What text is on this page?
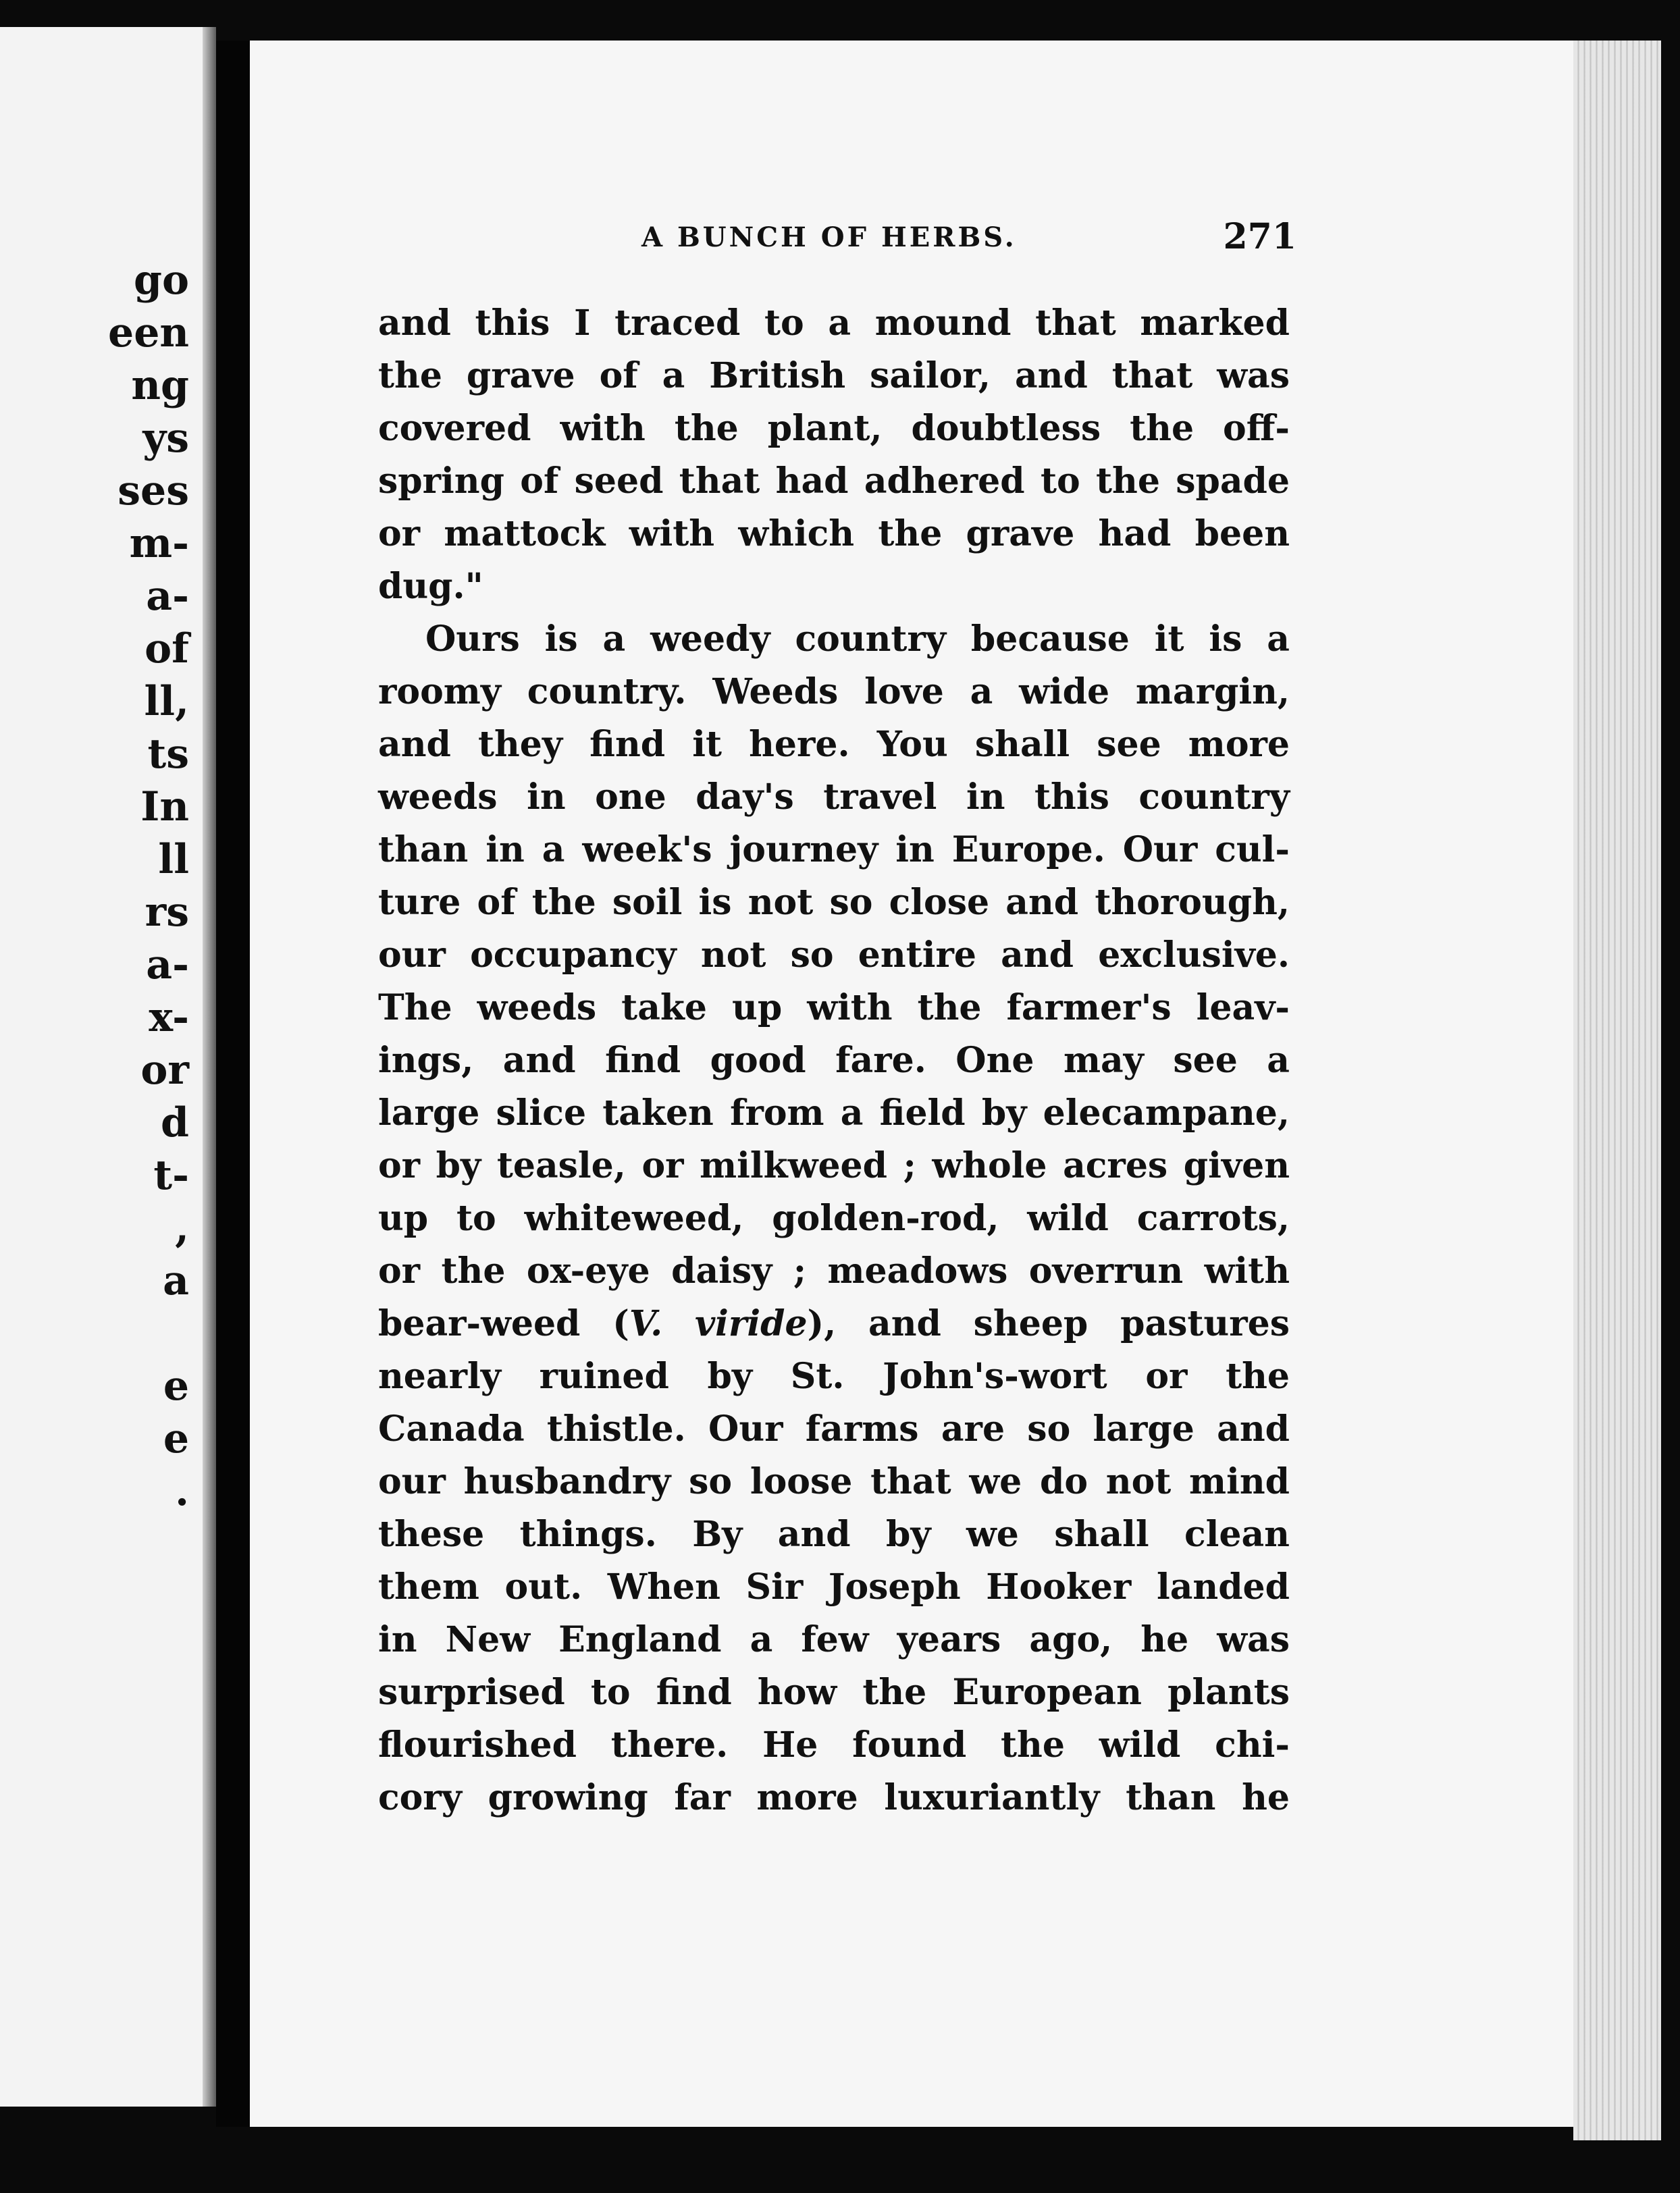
go
een
ng
ys
ses
m-
a-
of
ll,
ts
In
ll
rs
a-
x-
or
d
t-
,
a
e
e
.
A BUNCH OF HERBS.	271
and this I traced to a mound that marked
the grave of a British sailor, and that was
covered with the plant, doubtless the off-
spring of seed that had adhered to the spade
or mattock with which the grave had been
dug."
Ours is a weedy country because it is a
roomy country. Weeds love a wide margin,
and they find it here. You shall see more
weeds in one day's travel in this country
than in a week's journey in Europe. Our cul-
ture of the soil is not so close and thorough,
our occupancy not so entire and exclusive.
The weeds take up with the farmer's leav-
ings, and find good fare. One may see a
large slice taken from a field by elecampane,
or by teasle, or milkweed ; whole acres given
up to whiteweed, golden-rod, wild carrots,
or the ox-eye daisy ; meadows overrun with
bear-weed (V. viride), and sheep pastures
nearly ruined by St. John's-wort or the
Canada thistle. Our farms are so large and
our husbandry so loose that we do not mind
these things. By and by we shall clean
them out. When Sir Joseph Hooker landed
in New England a few years ago, he was
surprised to find how the European plants
flourished there. He found the wild chi-
cory growing far more luxuriantly than he
